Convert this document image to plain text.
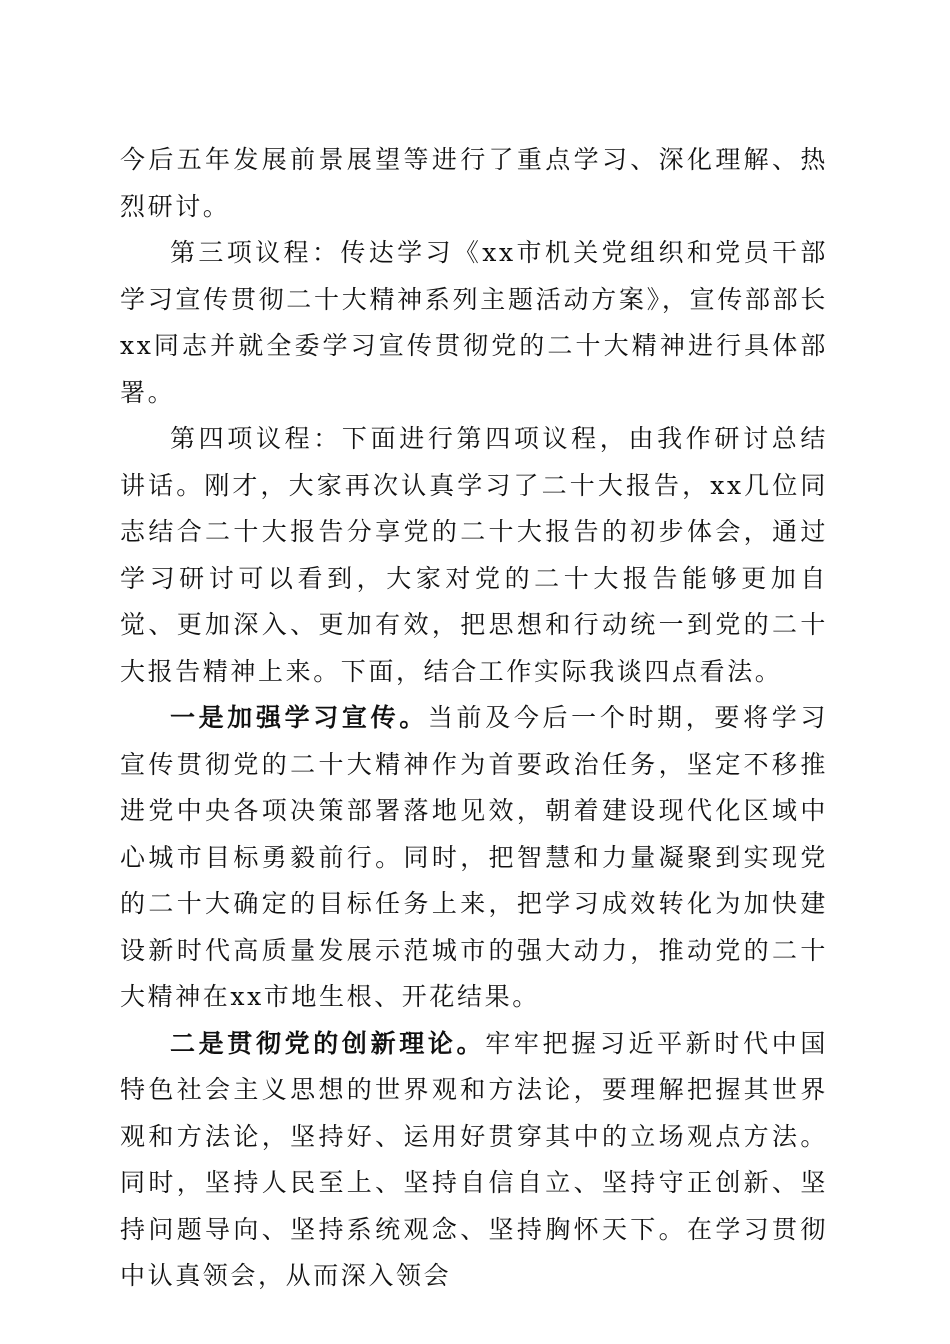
今后五年发展前景展望等进行了重点学习、深化理解、热烈研讨。

第三项议程：传达学习《xx市机关党组织和党员干部学习宣传贯彻二十大精神系列主题活动方案》，宣传部部长xx同志并就全委学习宣传贯彻党的二十大精神进行具体部署。

第四项议程：下面进行第四项议程，由我作研讨总结讲话。刚才，大家再次认真学习了二十大报告，xx几位同志结合二十大报告分享党的二十大报告的初步体会，通过学习研讨可以看到，大家对党的二十大报告能够更加自觉、更加深入、更加有效，把思想和行动统一到党的二十大报告精神上来。下面，结合工作实际我谈四点看法。

一是加强学习宣传。当前及今后一个时期，要将学习宣传贯彻党的二十大精神作为首要政治任务，坚定不移推进党中央各项决策部署落地见效，朝着建设现代化区域中心城市目标勇毅前行。同时，把智慧和力量凝聚到实现党的二十大确定的目标任务上来，把学习成效转化为加快建设新时代高质量发展示范城市的强大动力，推动党的二十大精神在xx市地生根、开花结果。

二是贯彻党的创新理论。牢牢把握习近平新时代中国特色社会主义思想的世界观和方法论，要理解把握其世界观和方法论，坚持好、运用好贯穿其中的立场观点方法。同时，坚持人民至上、坚持自信自立、坚持守正创新、坚持问题导向、坚持系统观念、坚持胸怀天下。在学习贯彻中认真领会，从而深入领会
